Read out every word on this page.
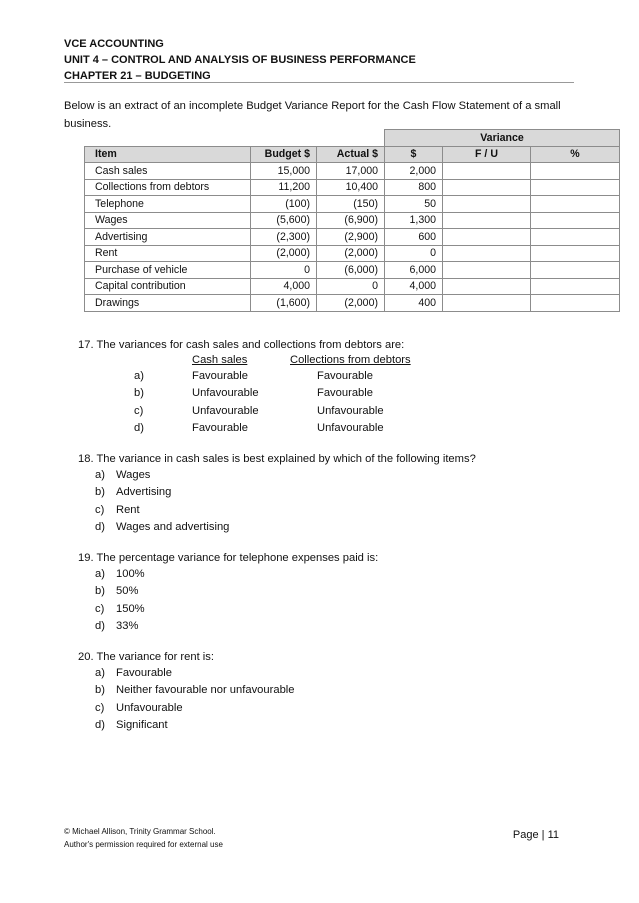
VCE ACCOUNTING
UNIT 4 – CONTROL AND ANALYSIS OF BUSINESS PERFORMANCE
CHAPTER 21 – BUDGETING
Below is an extract of an incomplete Budget Variance Report for the Cash Flow Statement of a small business.
			Variance		
Item	Budget $	Actual $	$	F / U	%
Cash sales	15,000	17,000	2,000		
Collections from debtors	11,200	10,400	800		
Telephone	(100)	(150)	50		
Wages	(5,600)	(6,900)	1,300		
Advertising	(2,300)	(2,900)	600		
Rent	(2,000)	(2,000)	0		
Purchase of vehicle	0	(6,000)	6,000		
Capital contribution	4,000	0	4,000		
Drawings	(1,600)	(2,000)	400		
17. The variances for cash sales and collections from debtors are:
Cash sales	Collections from debtors
a)	Favourable	Favourable
b)	Unfavourable	Favourable
c)	Unfavourable	Unfavourable
d)	Favourable	Unfavourable
18. The variance in cash sales is best explained by which of the following items?
a) Wages
b) Advertising
c) Rent
d) Wages and advertising
19. The percentage variance for telephone expenses paid is:
a) 100%
b) 50%
c) 150%
d) 33%
20. The variance for rent is:
a) Favourable
b) Neither favourable nor unfavourable
c) Unfavourable
d) Significant
© Michael Allison, Trinity Grammar School.
Author's permission required for external use
Page | 11
